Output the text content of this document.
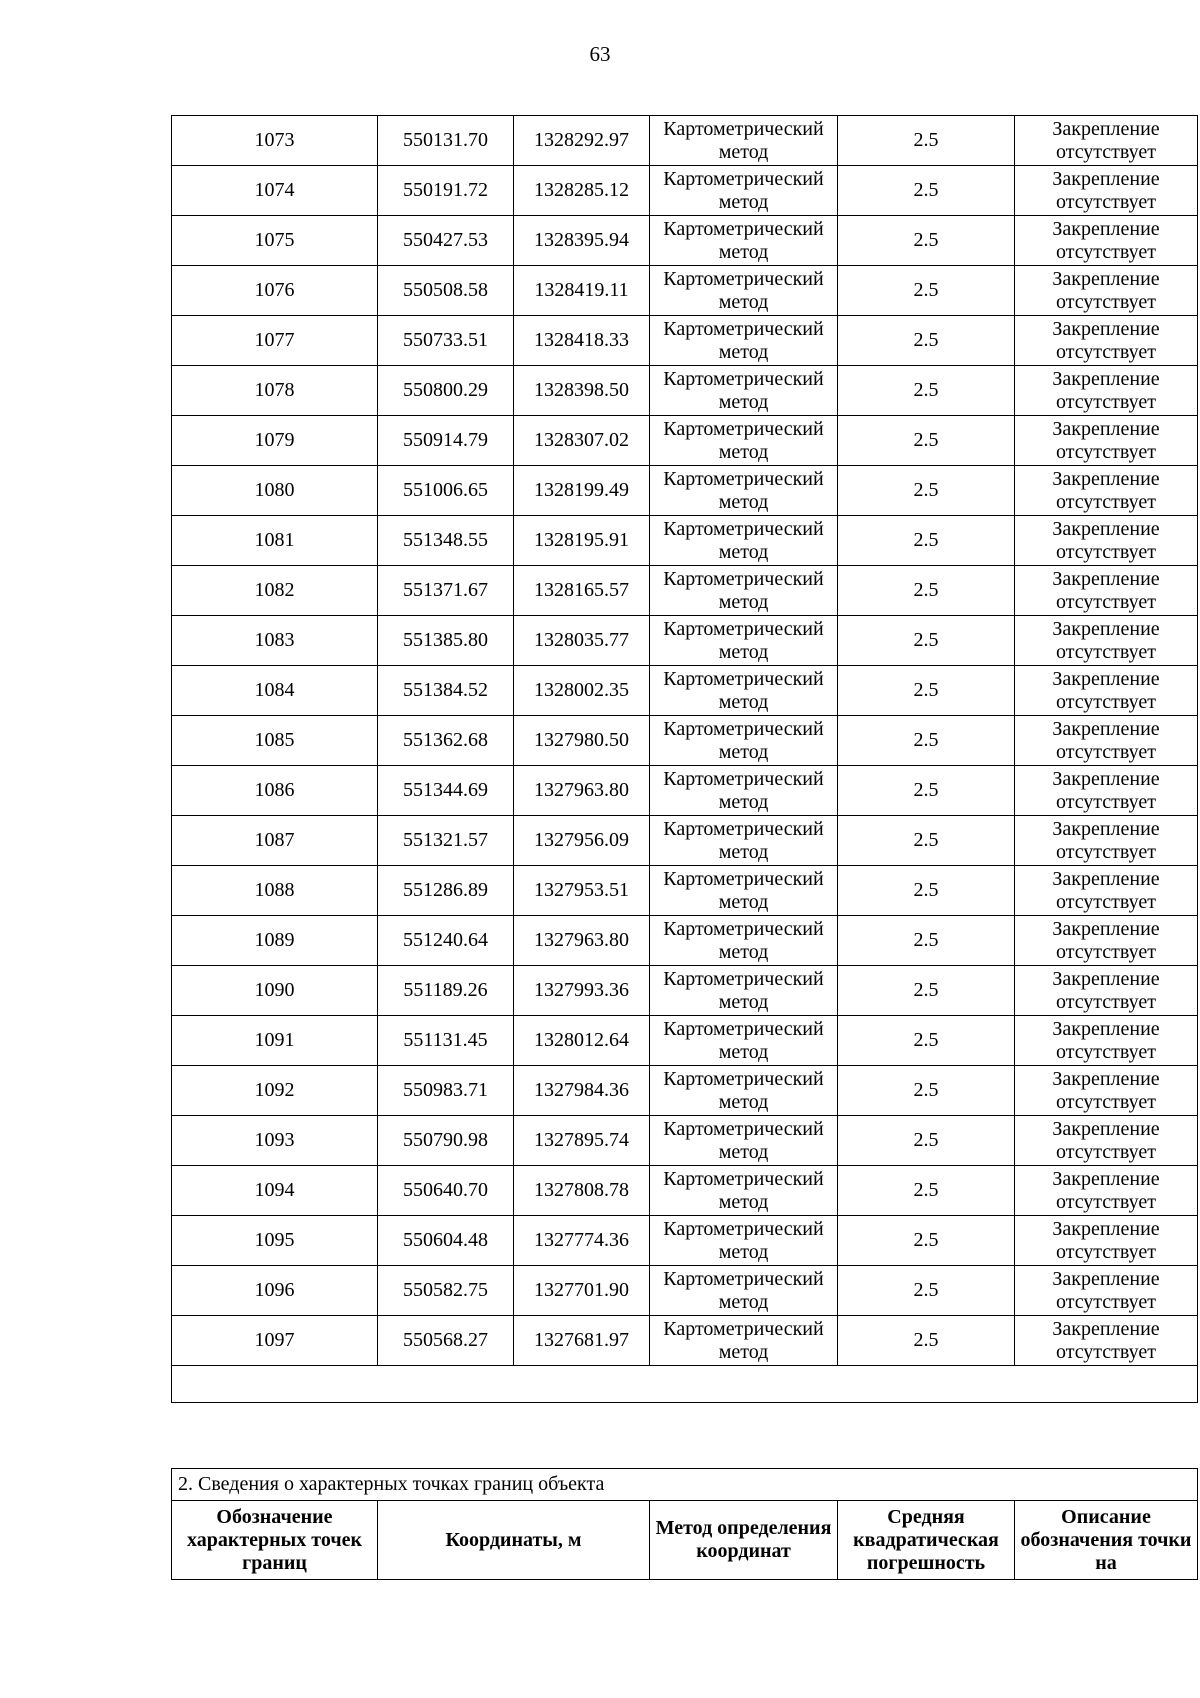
63
1073	550131.70	1328292.97	Картометрический метод	2.5	Закрепление отсутствует
1074	550191.72	1328285.12	Картометрический метод	2.5	Закрепление отсутствует
1075	550427.53	1328395.94	Картометрический метод	2.5	Закрепление отсутствует
1076	550508.58	1328419.11	Картометрический метод	2.5	Закрепление отсутствует
1077	550733.51	1328418.33	Картометрический метод	2.5	Закрепление отсутствует
1078	550800.29	1328398.50	Картометрический метод	2.5	Закрепление отсутствует
1079	550914.79	1328307.02	Картометрический метод	2.5	Закрепление отсутствует
1080	551006.65	1328199.49	Картометрический метод	2.5	Закрепление отсутствует
1081	551348.55	1328195.91	Картометрический метод	2.5	Закрепление отсутствует
1082	551371.67	1328165.57	Картометрический метод	2.5	Закрепление отсутствует
1083	551385.80	1328035.77	Картометрический метод	2.5	Закрепление отсутствует
1084	551384.52	1328002.35	Картометрический метод	2.5	Закрепление отсутствует
1085	551362.68	1327980.50	Картометрический метод	2.5	Закрепление отсутствует
1086	551344.69	1327963.80	Картометрический метод	2.5	Закрепление отсутствует
1087	551321.57	1327956.09	Картометрический метод	2.5	Закрепление отсутствует
1088	551286.89	1327953.51	Картометрический метод	2.5	Закрепление отсутствует
1089	551240.64	1327963.80	Картометрический метод	2.5	Закрепление отсутствует
1090	551189.26	1327993.36	Картометрический метод	2.5	Закрепление отсутствует
1091	551131.45	1328012.64	Картометрический метод	2.5	Закрепление отсутствует
1092	550983.71	1327984.36	Картометрический метод	2.5	Закрепление отсутствует
1093	550790.98	1327895.74	Картометрический метод	2.5	Закрепление отсутствует
1094	550640.70	1327808.78	Картометрический метод	2.5	Закрепление отсутствует
1095	550604.48	1327774.36	Картометрический метод	2.5	Закрепление отсутствует
1096	550582.75	1327701.90	Картометрический метод	2.5	Закрепление отсутствует
1097	550568.27	1327681.97	Картометрический метод	2.5	Закрепление отсутствует

2. Сведения о характерных точках границ объекта
Обозначение характерных точек границ	Координаты, м	Метод определения координат	Средняя квадратическая погрешность	Описание обозначения точки на
